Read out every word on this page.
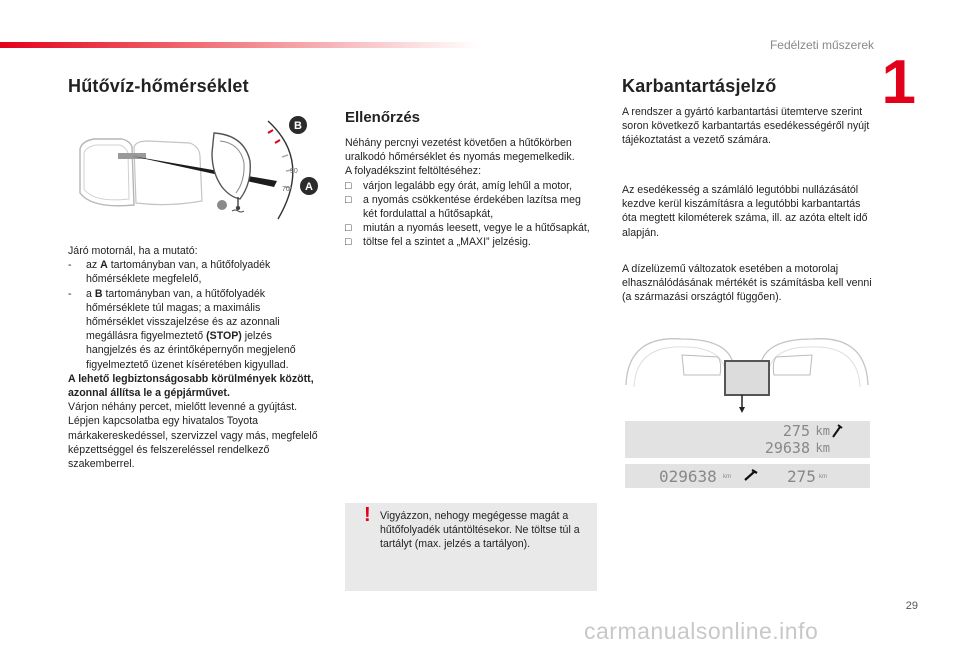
Fedélzeti műszerek
1
Hűtővíz-hőmérséklet
90
70
B
A
Járó motornál, ha a mutató:
- az A tartományban van, a hűtőfolyadék hőmérséklete megfelelő,
- a B tartományban van, a hűtőfolyadék hőmérséklete túl magas; a maximális hőmérséklet visszajelzése és az azonnali megállásra figyelmeztető (STOP) jelzés hangjelzés és az érintőképernyőn megjelenő figyelmeztető üzenet kíséretében kigyullad.
A lehető legbiztonságosabb körülmények között, azonnal állítsa le a gépjárművet.
Várjon néhány percet, mielőtt levenné a gyújtást.
Lépjen kapcsolatba egy hivatalos Toyota márkakereskedéssel, szervizzel vagy más, megfelelő képzettséggel és felszereléssel rendelkező szakemberrel.
Ellenőrzés
Néhány percnyi vezetést követően a hűtőkörben uralkodó hőmérséklet és nyomás megemelkedik.
A folyadékszint feltöltéséhez:
□ várjon legalább egy órát, amíg lehűl a motor,
□ a nyomás csökkentése érdekében lazítsa meg két fordulattal a hűtősapkát,
□ miután a nyomás leesett, vegye le a hűtősapkát,
□ töltse fel a szintet a „MAXI” jelzésig.
! Vigyázzon, nehogy megégesse magát a hűtőfolyadék utántöltésekor. Ne töltse túl a tartályt (max. jelzés a tartályon).
Karbantartásjelző
A rendszer a gyártó karbantartási ütemterve szerint soron következő karbantartás esedékességéről nyújt tájékoztatást a vezető számára.
Az esedékesség a számláló legutóbbi nullázásától kezdve kerül kiszámításra a legutóbbi karbantartás óta megtett kilométerek száma, ill. az azóta eltelt idő alapján.
A dízelüzemű változatok esetében a motorolaj elhasználódásának mértékét is számításba kell venni (a származási országtól függően).
275 km
29638 km
029638 km	275 km
29
carmanualsonline.info
